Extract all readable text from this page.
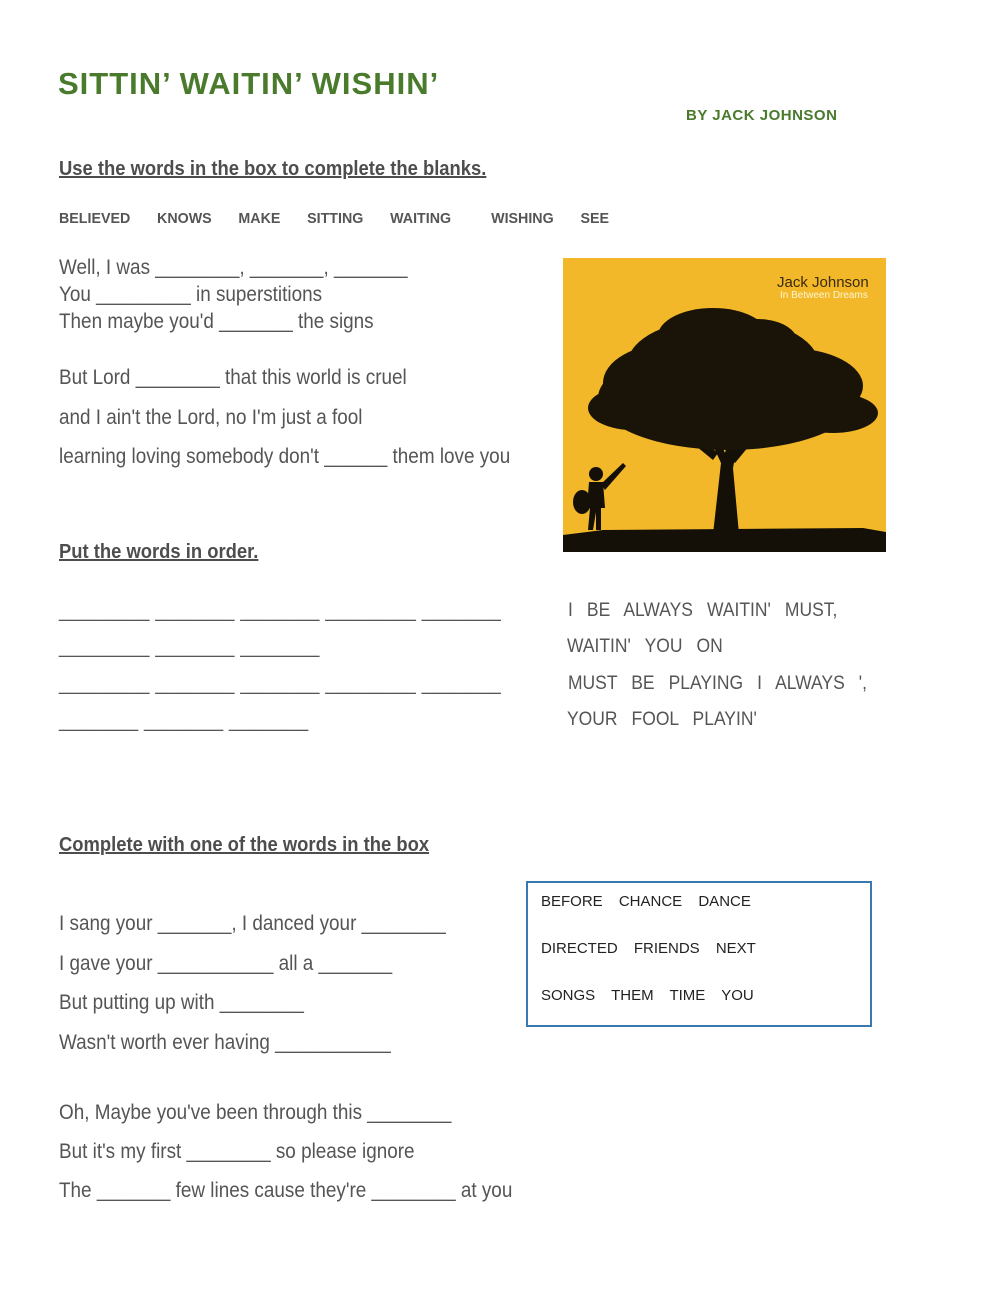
SITTIN’ WAITIN’ WISHIN’
BY JACK JOHNSON
Use the words in the box to complete the blanks.
BELIEVED KNOWS MAKE SITTING WAITING	WISHING SEE
Well, I was ________, _______, _______
You _________ in superstitions
Then maybe you'd _______ the signs
But Lord ________ that this world is cruel
and I ain't the Lord, no I'm just a fool
learning loving somebody don't ______ them love you
Jack Johnson
In Between Dreams
Put the words in order.
________ _______ _______ ________ _______
________ _______ _______
________ _______ _______ ________ _______
_______ _______ _______
I BE ALWAYS WAITIN' MUST,
WAITIN' YOU ON
MUST BE PLAYING I ALWAYS ',
YOUR FOOL PLAYIN'
Complete with one of the words in the box
BEFORE CHANCE DANCE
DIRECTED FRIENDS NEXT
SONGS THEM TIME YOU
I sang your _______, I danced your ________
I gave your ___________ all a _______
But putting up with ________
Wasn't worth ever having ___________
Oh, Maybe you've been through this ________
But it's my first ________ so please ignore
The _______ few lines cause they're ________ at you
